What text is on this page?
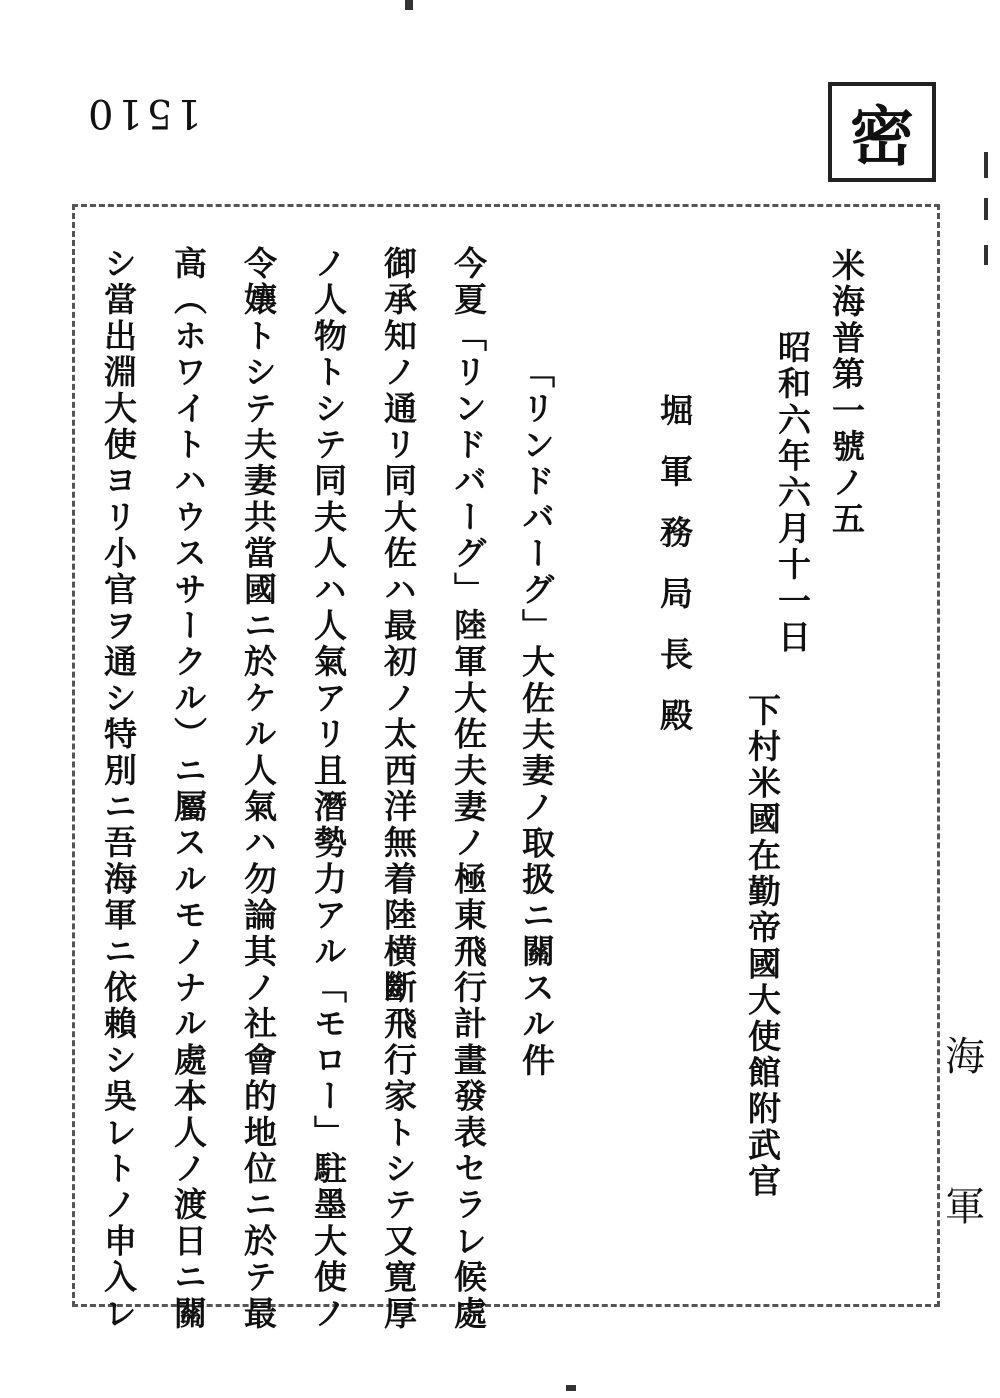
1510	密
米海普第一號ノ五
昭和六年六月十一日
下村米國在勤帝國大使館附武官
堀軍務局長殿
「リンドバーグ」大佐夫妻ノ取扱ニ關スル件
今夏「リンドバーグ」陸軍大佐夫妻ノ極東飛行計畫發表セラレ候處
御承知ノ通リ同大佐ハ最初ノ太西洋無着陸横斷飛行家トシテ又寛厚
ノ人物トシテ同夫人ハ人氣アリ且潛勢力アル「モロー」駐墨大使ノ
令孃トシテ夫妻共當國ニ於ケル人氣ハ勿論其ノ社會的地位ニ於テ最
高（ホワイトハウスサークル）ニ屬スルモノナル處本人ノ渡日ニ關
シ當出淵大使ヨリ小官ヲ通シ特別ニ吾海軍ニ依賴シ吳レトノ申入レ	海
軍
